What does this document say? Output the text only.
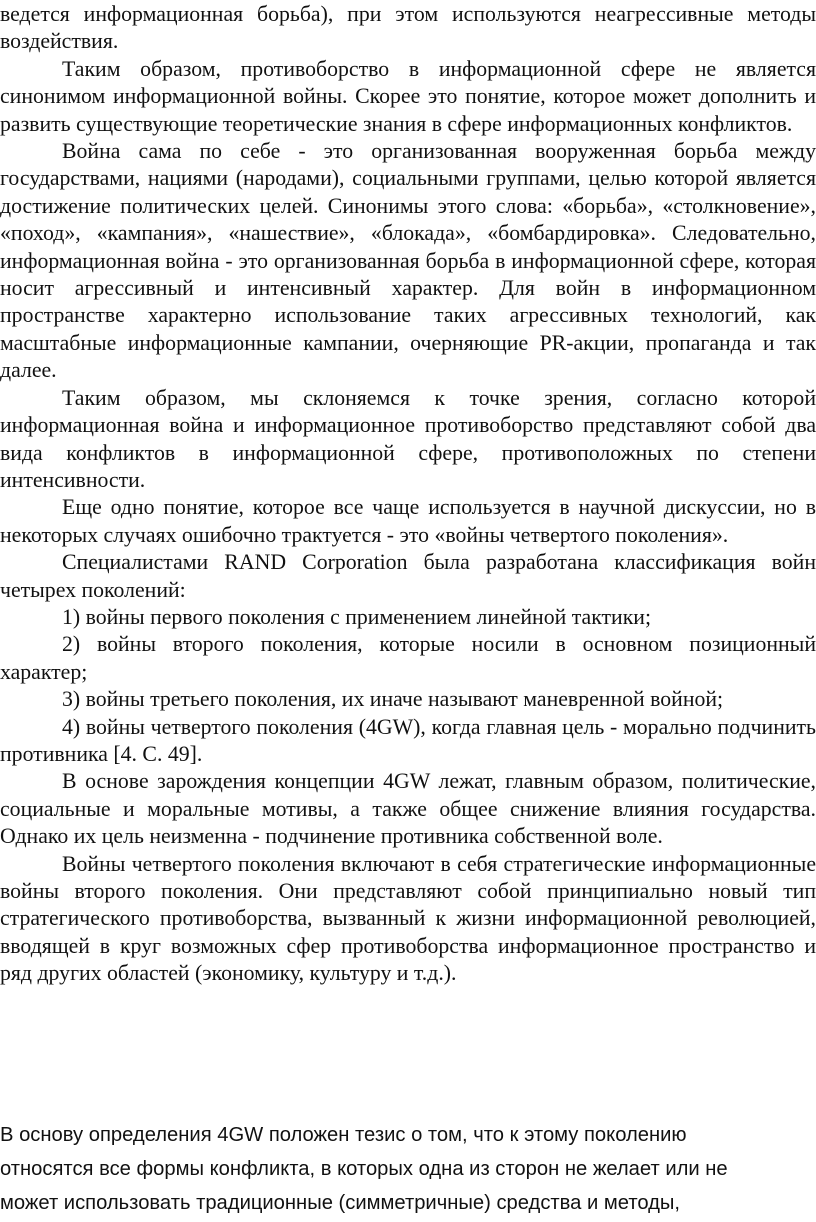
ведется информационная борьба), при этом используются неагрессивные методы воздействия.

Таким образом, противоборство в информационной сфере не является синонимом информационной войны. Скорее это понятие, которое может дополнить и развить существующие теоретические знания в сфере информационных конфликтов.

Война сама по себе - это организованная вооруженная борьба между государствами, нациями (народами), социальными группами, целью которой является достижение политических целей. Синонимы этого слова: «борьба», «столкновение», «поход», «кампания», «нашествие», «блокада», «бомбардировка». Следовательно, информационная война - это организованная борьба в информационной сфере, которая носит агрессивный и интенсивный характер. Для войн в информационном пространстве характерно использование таких агрессивных технологий, как масштабные информационные кампании, очерняющие PR-акции, пропаганда и так далее.

Таким образом, мы склоняемся к точке зрения, согласно которой информационная война и информационное противоборство представляют собой два вида конфликтов в информационной сфере, противоположных по степени интенсивности.

Еще одно понятие, которое все чаще используется в научной дискуссии, но в некоторых случаях ошибочно трактуется - это «войны четвертого поколения».

Специалистами RAND Corporation была разработана классификация войн четырех поколений:

1) войны первого поколения с применением линейной тактики;

2) войны второго поколения, которые носили в основном позиционный характер;

3) войны третьего поколения, их иначе называют маневренной войной;

4) войны четвертого поколения (4GW), когда главная цель - морально подчинить противника [4. С. 49].

В основе зарождения концепции 4GW лежат, главным образом, политические, социальные и моральные мотивы, а также общее снижение влияния государства. Однако их цель неизменна - подчинение противника собственной воле.

Войны четвертого поколения включают в себя стратегические информационные войны второго поколения. Они представляют собой принципиально новый тип стратегического противоборства, вызванный к жизни информационной революцией, вводящей в круг возможных сфер противоборства информационное пространство и ряд других областей (экономику, культуру и т.д.).

В основу определения 4GW положен тезис о том, что к этому поколению
относятся все формы конфликта, в которых одна из сторон не желает или не
может использовать традиционные (симметричные) средства и методы,
